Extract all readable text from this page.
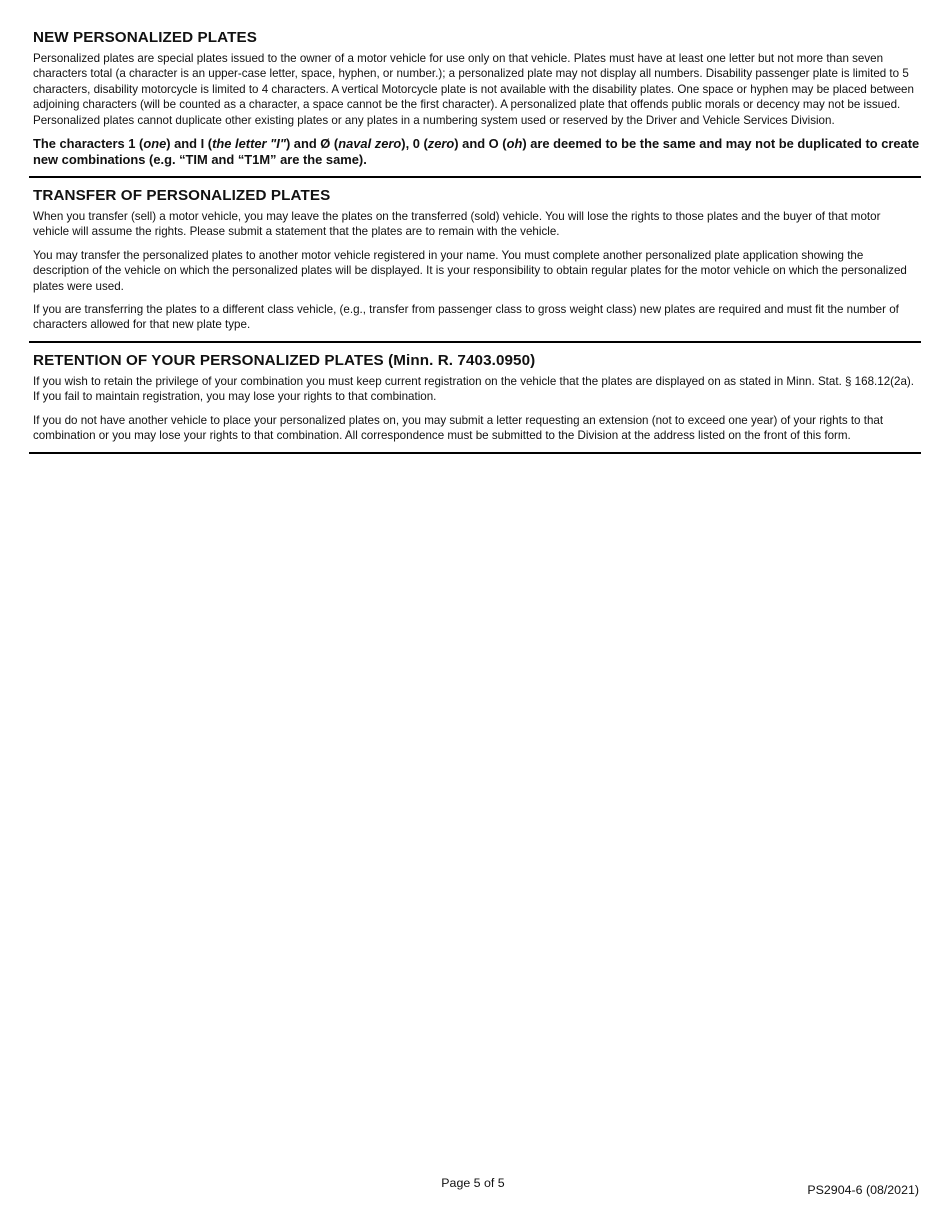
NEW PERSONALIZED PLATES

Personalized plates are special plates issued to the owner of a motor vehicle for use only on that vehicle. Plates must have at least one letter but not more than seven characters total (a character is an upper-case letter, space, hyphen, or number.); a personalized plate may not display all numbers. Disability passenger plate is limited to 5 characters, disability motorcycle is limited to 4 characters. A vertical Motorcycle plate is not available with the disability plates. One space or hyphen may be placed between adjoining characters (will be counted as a character, a space cannot be the first character). A personalized plate that offends public morals or decency may not be issued. Personalized plates cannot duplicate other existing plates or any plates in a numbering system used or reserved by the Driver and Vehicle Services Division.

The characters 1 (one) and I (the letter "I") and Ø (naval zero), 0 (zero) and O (oh) are deemed to be the same and may not be duplicated to create new combinations (e.g. “TIM and “T1M” are the same).

TRANSFER OF PERSONALIZED PLATES

When you transfer (sell) a motor vehicle, you may leave the plates on the transferred (sold) vehicle. You will lose the rights to those plates and the buyer of that motor vehicle will assume the rights. Please submit a statement that the plates are to remain with the vehicle.

You may transfer the personalized plates to another motor vehicle registered in your name. You must complete another personalized plate application showing the description of the vehicle on which the personalized plates will be displayed. It is your responsibility to obtain regular plates for the motor vehicle on which the personalized plates were used.

If you are transferring the plates to a different class vehicle, (e.g., transfer from passenger class to gross weight class) new plates are required and must fit the number of characters allowed for that new plate type.

RETENTION OF YOUR PERSONALIZED PLATES (Minn. R. 7403.0950)

If you wish to retain the privilege of your combination you must keep current registration on the vehicle that the plates are displayed on as stated in Minn. Stat. § 168.12(2a). If you fail to maintain registration, you may lose your rights to that combination.

If you do not have another vehicle to place your personalized plates on, you may submit a letter requesting an extension (not to exceed one year) of your rights to that combination or you may lose your rights to that combination. All correspondence must be submitted to the Division at the address listed on the front of this form.

Page 5 of 5	PS2904-6 (08/2021)
